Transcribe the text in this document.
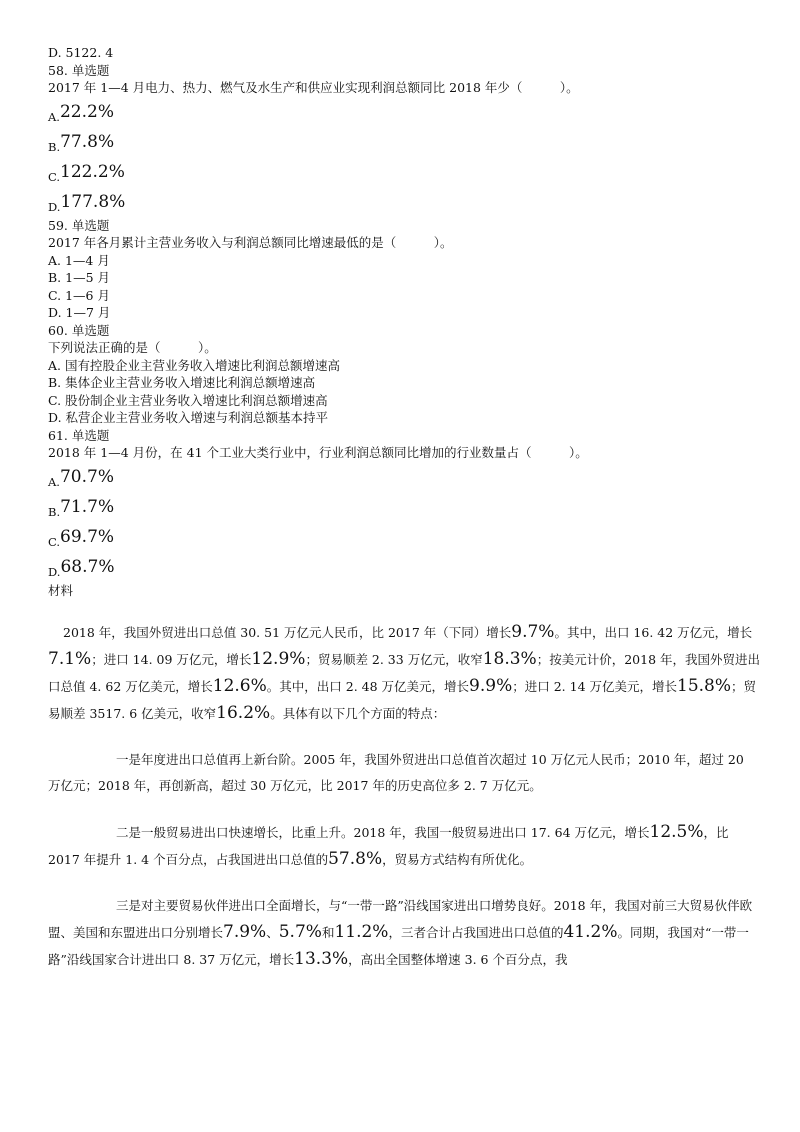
D. 5122. 4
58. 单选题
2017 年 1—4 月电力、热力、燃气及水生产和供应业实现利润总额同比 2018 年少（　　　）。
A.22.2%
B.77.8%
C.122.2%
D.177.8%
59. 单选题
2017 年各月累计主营业务收入与利润总额同比增速最低的是（　　　）。
A. 1—4 月
B. 1—5 月
C. 1—6 月
D. 1—7 月
60. 单选题
下列说法正确的是（　　　）。
A. 国有控股企业主营业务收入增速比利润总额增速高
B. 集体企业主营业务收入增速比利润总额增速高
C. 股份制企业主营业务收入增速比利润总额增速高
D. 私营企业主营业务收入增速与利润总额基本持平
61. 单选题
2018 年 1—4 月份，在 41 个工业大类行业中，行业利润总额同比增加的行业数量占（　　　）。
A.70.7%
B.71.7%
C.69.7%
D.68.7%
材料
2018 年，我国外贸进出口总值 30. 51 万亿元人民币，比 2017 年（下同）增长9.7%。其中，出口 16. 42 万亿元，增长7.1%；进口 14. 09 万亿元，增长12.9%；贸易顺差 2. 33 万亿元，收窄18.3%；按美元计价，2018 年，我国外贸进出口总值 4. 62 万亿美元，增长12.6%。其中，出口 2. 48 万亿美元，增长9.9%；进口 2. 14 万亿美元，增长15.8%；贸易顺差 3517. 6 亿美元，收窄16.2%。具体有以下几个方面的特点：
一是年度进出口总值再上新台阶。2005 年，我国外贸进出口总值首次超过 10 万亿元人民币；2010 年，超过 20 万亿元；2018 年，再创新高，超过 30 万亿元，比 2017 年的历史高位多 2. 7 万亿元。
二是一般贸易进出口快速增长，比重上升。2018 年，我国一般贸易进出口 17. 64 万亿元，增长12.5%，比 2017 年提升 1. 4 个百分点，占我国进出口总值的57.8%，贸易方式结构有所优化。
三是对主要贸易伙伴进出口全面增长，与“一带一路”沿线国家进出口增势良好。2018 年，我国对前三大贸易伙伴欧盟、美国和东盟进出口分别增长7.9%、5.7%和11.2%，三者合计占我国进出口总值的41.2%。同期，我国对“一带一路”沿线国家合计进出口 8. 37 万亿元，增长13.3%，高出全国整体增速 3. 6 个百分点，我
